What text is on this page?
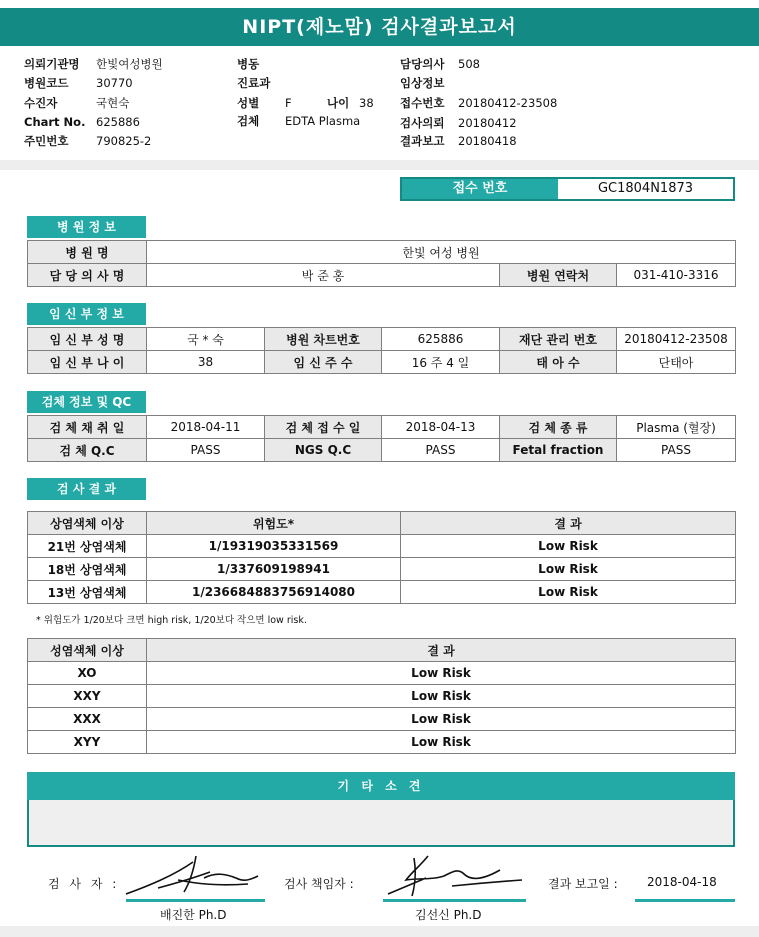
NIPT(제노맘) 검사결과보고서
의뢰기관명 한빛여성병원
병원코드 30770
수진자	국현숙
Chart No. 625886
주민번호 790825-2
병동
진료과
성별 F	나이 38
검체 EDTA Plasma
담당의사 508
임상정보
접수번호 20180412-23508
검사의뢰 20180412
결과보고 20180418
접수 번호	GC1804N1873
병 원 정 보
병 원 명	한빛 여성 병원		
담 당 의 사 명	박 준 홍	병원 연락처	031-410-3316
임 신 부 정 보
임 신 부 성 명	국 * 숙	병원 차트번호	625886	재단 관리 번호	20180412-23508
임 신 부 나 이	38	임 신 주 수	16 주 4 일	태 아 수	단태아
검체 정보 및 QC
검 체 채 취 일	2018-04-11	검 체 접 수 일	2018-04-13	검 체 종 류	Plasma (혈장)
검 체 Q.C	PASS	NGS Q.C	PASS	Fetal fraction	PASS
검 사 결 과
상염색체 이상	위험도*	결 과
21번 상염색체	1/19319035331569	Low Risk
18번 상염색체	1/337609198941	Low Risk
13번 상염색체	1/236684883756914080	Low Risk
* 위험도가 1/20보다 크면 high risk, 1/20보다 작으면 low risk.
성염색체 이상	결 과
XO	Low Risk
XXY	Low Risk
XXX	Low Risk
XYY	Low Risk
기 타 소 견
검 사 자 :
배진한 Ph.D
검사 책임자 :
김선신 Ph.D
결과 보고일 : 2018-04-18
